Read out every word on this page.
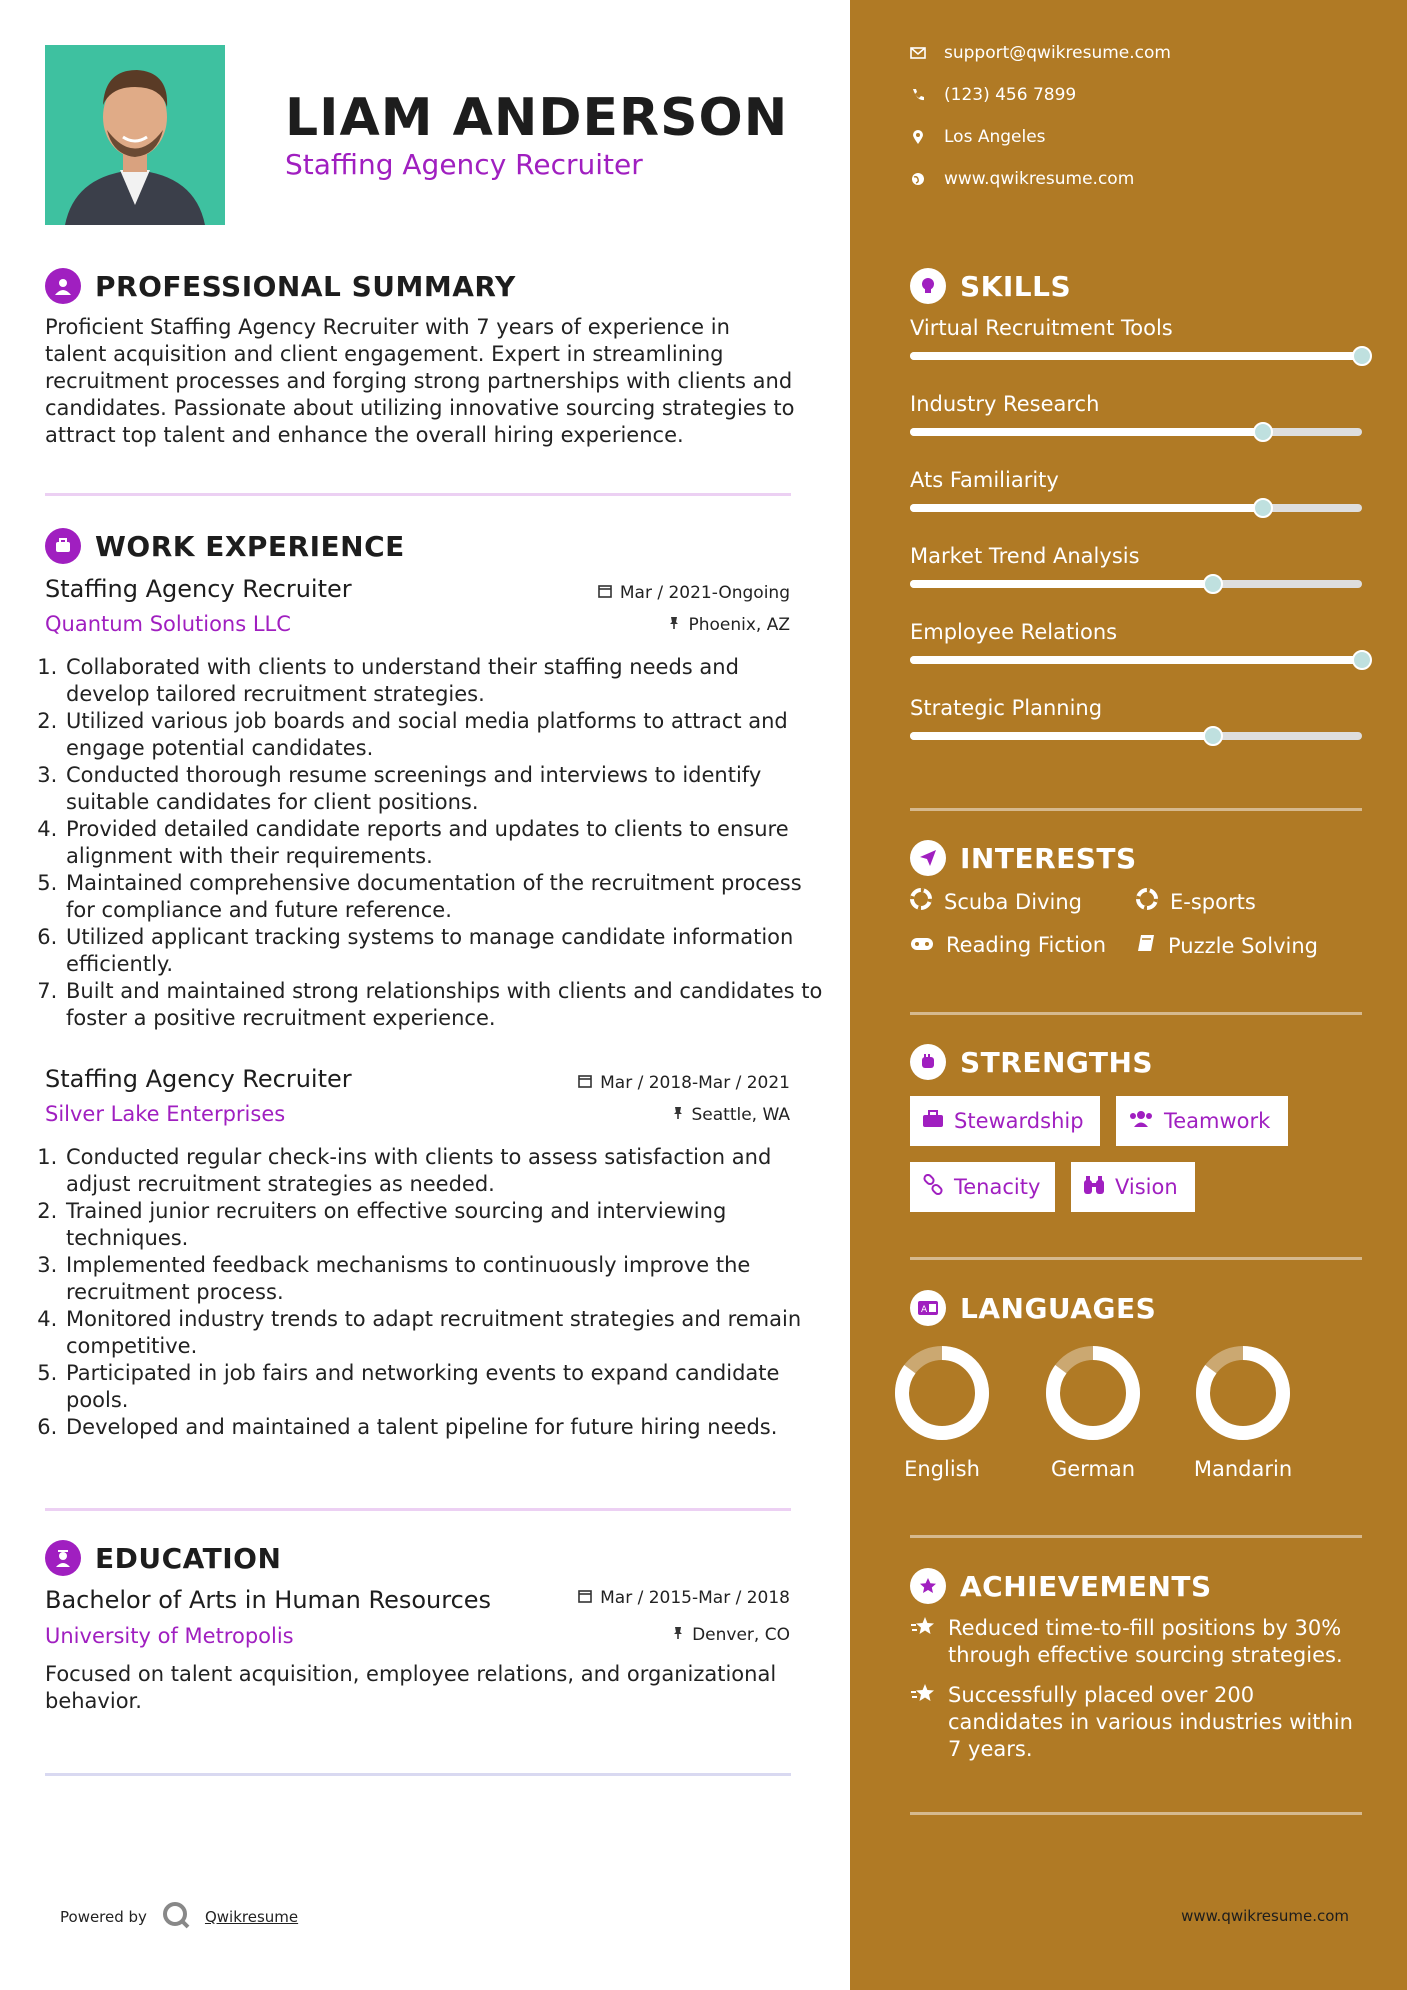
LIAM ANDERSON
Staffing Agency Recruiter
PROFESSIONAL SUMMARY
Proficient Staffing Agency Recruiter with 7 years of experience in talent acquisition and client engagement. Expert in streamlining recruitment processes and forging strong partnerships with clients and candidates. Passionate about utilizing innovative sourcing strategies to attract top talent and enhance the overall hiring experience.
WORK EXPERIENCE
Staffing Agency Recruiter	Mar / 2021-Ongoing
Quantum Solutions LLC	Phoenix, AZ
1. Collaborated with clients to understand their staffing needs and develop tailored recruitment strategies.
2. Utilized various job boards and social media platforms to attract and engage potential candidates.
3. Conducted thorough resume screenings and interviews to identify suitable candidates for client positions.
4. Provided detailed candidate reports and updates to clients to ensure alignment with their requirements.
5. Maintained comprehensive documentation of the recruitment process for compliance and future reference.
6. Utilized applicant tracking systems to manage candidate information efficiently.
7. Built and maintained strong relationships with clients and candidates to foster a positive recruitment experience.
Staffing Agency Recruiter	Mar / 2018-Mar / 2021
Silver Lake Enterprises	Seattle, WA
1. Conducted regular check-ins with clients to assess satisfaction and adjust recruitment strategies as needed.
2. Trained junior recruiters on effective sourcing and interviewing techniques.
3. Implemented feedback mechanisms to continuously improve the recruitment process.
4. Monitored industry trends to adapt recruitment strategies and remain competitive.
5. Participated in job fairs and networking events to expand candidate pools.
6. Developed and maintained a talent pipeline for future hiring needs.
EDUCATION
Bachelor of Arts in Human Resources	Mar / 2015-Mar / 2018
University of Metropolis	Denver, CO
Focused on talent acquisition, employee relations, and organizational behavior.
Powered by	Qwikresume
support@qwikresume.com
(123) 456 7899
Los Angeles
www.qwikresume.com
SKILLS
Virtual Recruitment Tools
Industry Research
Ats Familiarity
Market Trend Analysis
Employee Relations
Strategic Planning
INTERESTS
Scuba Diving	E-sports
Reading Fiction	Puzzle Solving
STRENGTHS
Stewardship	Teamwork
Tenacity	Vision
A LANGUAGES
English	German	Mandarin
ACHIEVEMENTS
Reduced time-to-fill positions by 30% through effective sourcing strategies.
Successfully placed over 200 candidates in various industries within 7 years.
www.qwikresume.com
